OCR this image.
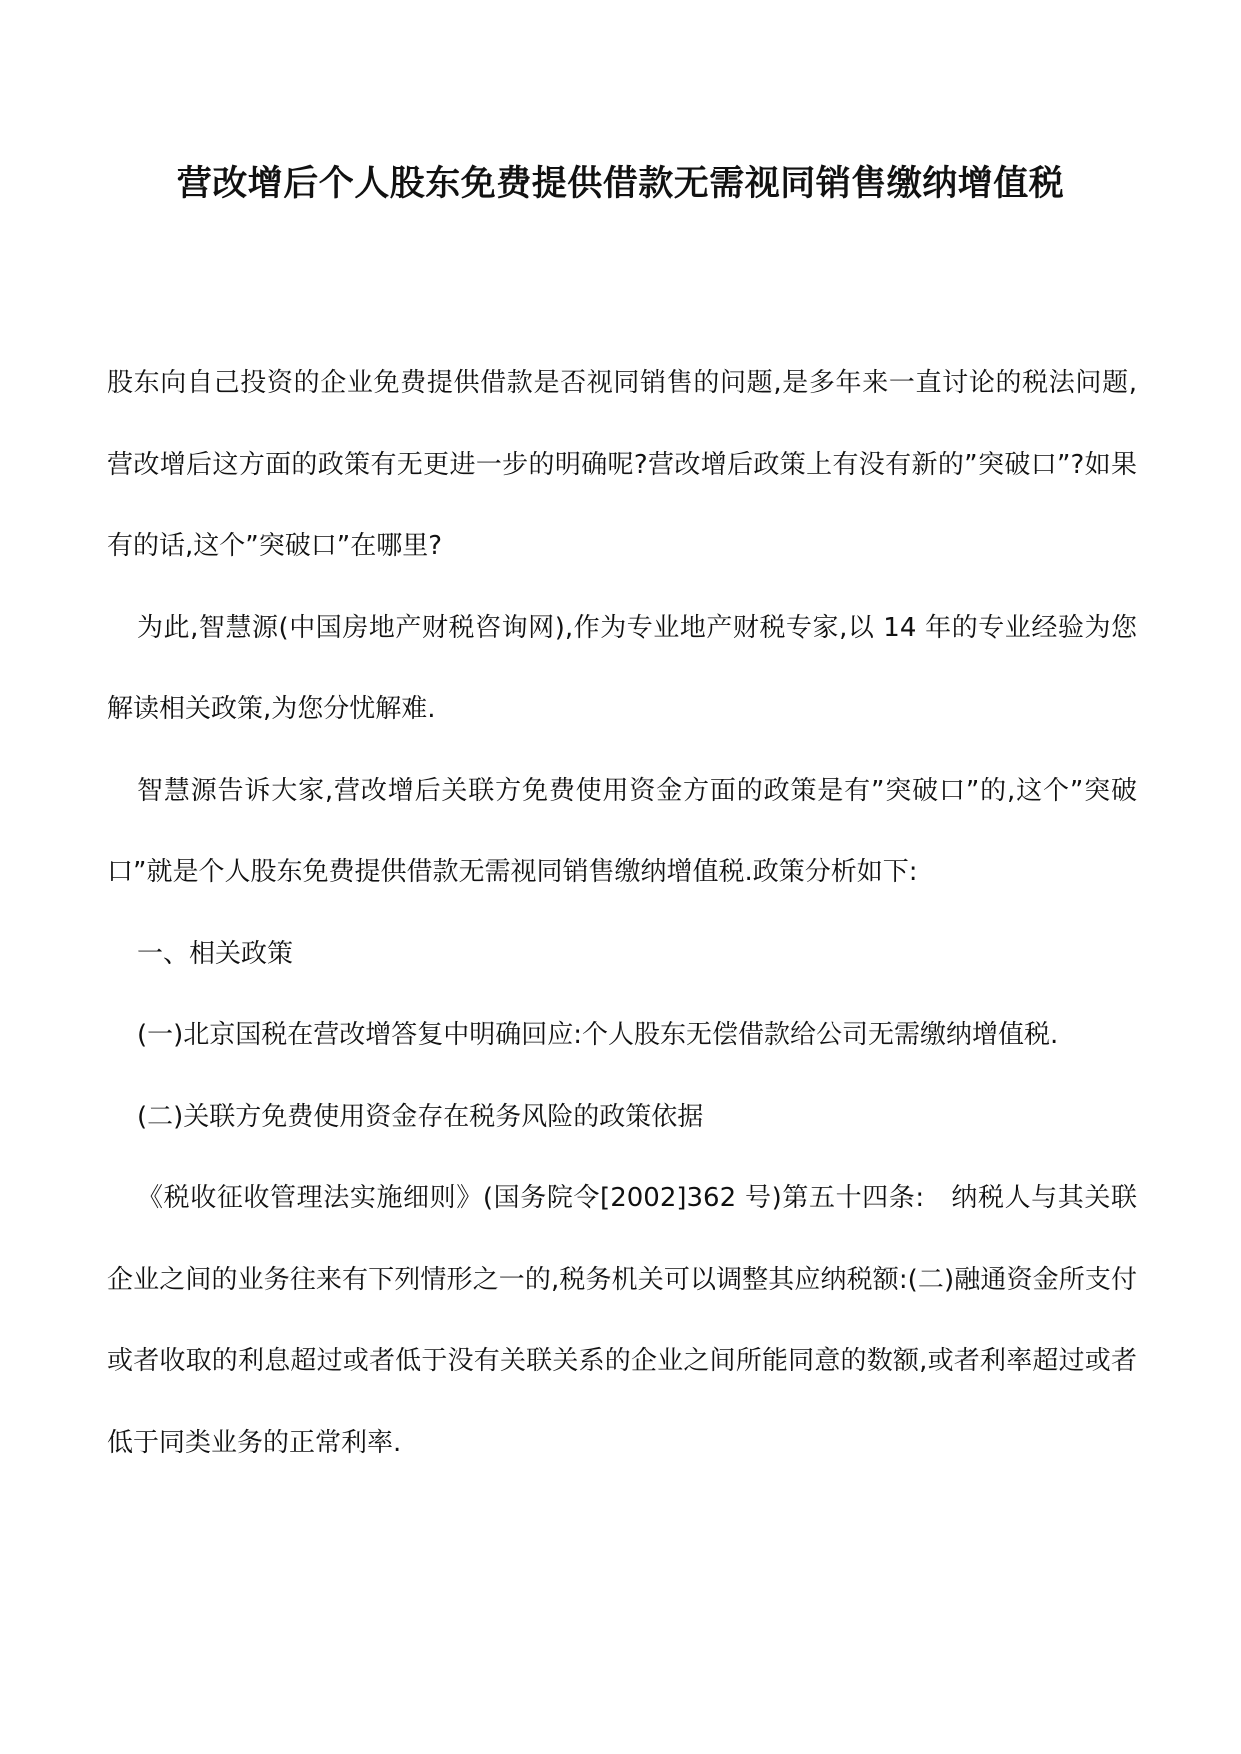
营改增后个人股东免费提供借款无需视同销售缴纳增值税

股东向自己投资的企业免费提供借款是否视同销售的问题,是多年来一直讨论的税法问题,营改增后这方面的政策有无更进一步的明确呢?营改增后政策上有没有新的”突破口”?如果有的话,这个”突破口”在哪里?

为此,智慧源(中国房地产财税咨询网),作为专业地产财税专家,以 14 年的专业经验为您解读相关政策,为您分忧解难.

智慧源告诉大家,营改增后关联方免费使用资金方面的政策是有”突破口”的,这个”突破口”就是个人股东免费提供借款无需视同销售缴纳增值税.政策分析如下:

一、相关政策

(一)北京国税在营改增答复中明确回应:个人股东无偿借款给公司无需缴纳增值税.

(二)关联方免费使用资金存在税务风险的政策依据

《税收征收管理法实施细则》(国务院令[2002]362 号)第五十四条:　纳税人与其关联企业之间的业务往来有下列情形之一的,税务机关可以调整其应纳税额:(二)融通资金所支付或者收取的利息超过或者低于没有关联关系的企业之间所能同意的数额,或者利率超过或者低于同类业务的正常利率.
